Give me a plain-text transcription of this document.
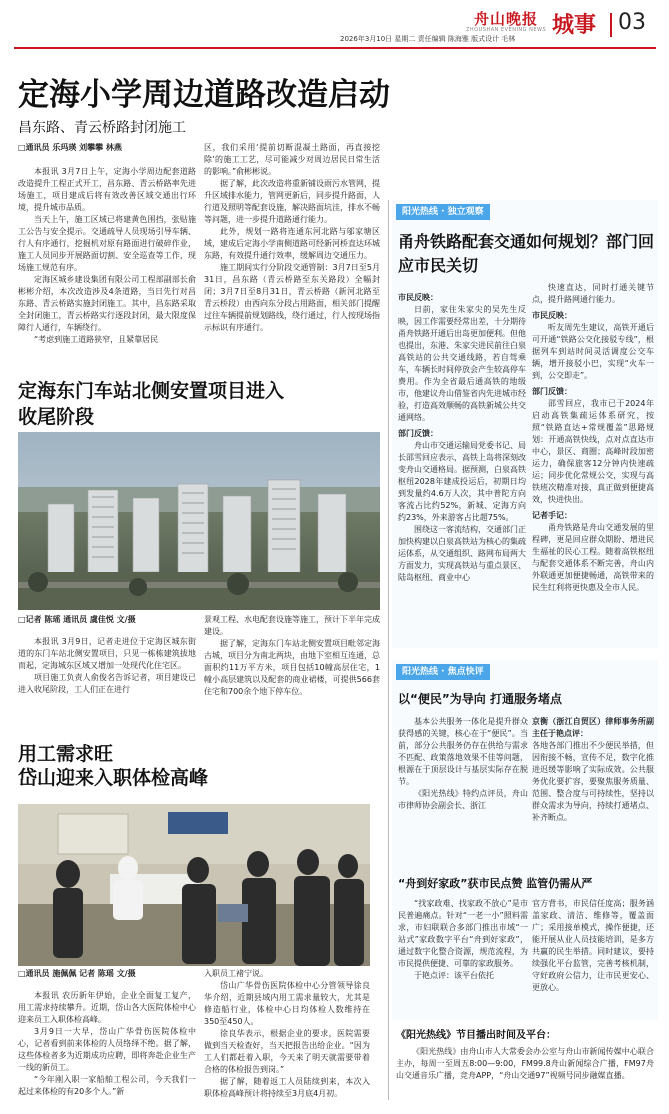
舟山晚报
ZHOUSHAN EVENING NEWS 城事 03
2026年3月10日 星期二 责任编辑 陈海雅 版式设计 毛林
定海小学周边道路改造启动
昌东路、青云桥路封闭施工
□通讯员 乐玛瑛 刘攀攀 林燕

本报讯 3月7日上午，定海小学周边配套道路改造提升工程正式开工，昌东路、青云桥路率先进场施工，项目建成后将有效改善区域交通出行环境，提升城市品质。

当天上午，施工区域已将建黄色围挡，张贴施工公告与安全提示。交通疏导人员现场引导车辆、行人有序通行，挖掘机对原有路面进行破碎作业，施工人员同步开展路面切割、安全巡查等工作，现场施工规范有序。

定海区城乡建设集团有限公司工程部副部长俞彬彬介绍，本次改造涉及4条道路，当日先行对昌东路、青云桥路实施封闭施工。其中，昌东路采取全封闭施工，青云桥路实行逐段封闭，最大限度保障行人通行，车辆绕行。

“考虑到施工道路狭窄，且紧靠居民

区，我们采用‘提前切断混凝土路面，再直接挖除’的施工工艺，尽可能减少对周边居民日常生活的影响。”俞彬彬说。

据了解，此次改造将重新铺设雨污水管网，提升区域排水能力，管网更新后，同步提升路面，人行道及照明等配套设施，解决路面坑洼，排水不畅等问题，进一步提升道路通行能力。

此外，规划一路将连通东河北路与邬家塘区域，建成后定海小学南侧道路可经新河桥直达环城东路，有效提升通行效率，缓解周边交通压力。

施工期间实行分阶段交通管制：3月7日至5月31日，昌东路（青云桥路至东关路段）全幅封闭；3月7日至8月31日，青云桥路（新河北路至青云桥段）由西向东分段占用路面，相关部门提醒过往车辆提前规划路线，绕行通过，行人按现场指示标识有序通行。

定海东门车站北侧安置项目进入收尾阶段
□记者 陈瑶 通讯员 虞佳悦 文/摄

本报讯 3月9日，记者走进位于定海区城东街道的东门车站北侧安置项目，只见一栋栋建筑拔地而起，定海城东区域又增加一处现代化住宅区。

项目施工负责人俞俊名告诉记者，项目建设已进入收尾阶段，工人们正在进行

景观工程、水电配套设施等施工，预计下半年完成建设。

据了解，定海东门车站北侧安置项目毗邻定海古城，项目分为南北两块，由地下室相互连通，总面积约11万平方米，项目包括10幢高层住宅，1幢小高层建筑以及配套的商业裙楼，可提供566套住宅和700余个地下停车位。

用工需求旺
岱山迎来入职体检高峰
□通讯员 施佩佩 记者 陈瑶 文/摄

本报讯 农历新年伊始，企业全面复工复产，用工需求持续攀升。近期，岱山各大医院体检中心迎来员工入职体检高峰。

3月9日一大早，岱山广华骨伤医院体检中心，记者看到前来体检的人员络绎不绝。据了解，这些体检者多为近期成功应聘，即将奔赴企业生产一线的新员工。

“今年刚入职一家船舶工程公司，今天我们一起过来体检的有20多个人。”新

入职员工褚宁说。

岱山广华骨伤医院体检中心分管领导徐良华介绍，近期县域内用工需求量较大，尤其是修造船行业，体检中心日均体检人数维持在350至450人。

徐良华表示，根据企业的要求，医院需要做到当天检查好，当天把报告出给企业。“因为工人们都赶着入职，今天来了明天就需要带着合格的体检报告到岗。”

据了解，随着返工人员陆续到来，本次入职体检高峰预计将持续至3月底4月初。

阳光热线 · 独立观察
甬舟铁路配套交通如何规划？部门回应市民关切

市民反映：

日前，家住朱家尖的吴先生反映，因工作需要经常出差，十分期待甬舟铁路开通后出岛更加便利。但他也提出，东港、朱家尖进民前往白泉高铁站的公共交通线路，若自驾乘车，车辆长时间停放会产生较高停车费用。作为全省最后通高铁的地级市，他建议舟山借鉴省内先进城市经验，打造高效顺畅的高铁新城公共交通网络。

部门反馈：

舟山市交通运输局党委书记、局长邵雪回应表示，高铁上岛将深刻改变舟山交通格局。据预测，白泉高铁枢纽2028年建成投运后，初期日均到发量约4.6万人次，其中普陀方向客流占比约52%，新城、定海方向约23%，外来游客占比超75%。

围绕这一客流结构，交通部门正加快构建以白泉高铁站为核心的集疏运体系，从交通组织、路网布局两大方面发力，实现高铁站与重点景区、陆岛枢纽、商业中心

快速直达，同时打通关键节点，提升路网通行能力。

市民反映：

听友周先生建议，高铁开通后可开通“铁路公交化接驳专线”，根据列车到站时间灵活调度公交车辆，增开接驳小巴，实现“火车一到，公交即走”。

部门反馈：

邵雪回应，我市已于2024年启动高铁集疏运体系研究，按照“铁路直达+常规覆盖”思路规划：开通高铁快线，点对点直达市中心，景区、商圈；高峰时段加密运力，确保旅客12分钟内快速疏运；同步优化常规公交，实现与高铁班次精准对接，真正做到便捷高效，快进快出。

记者手记：

甬舟铁路是舟山交通发展的里程碑，更是回应群众期盼、增进民生福祉的民心工程。随着高铁枢纽与配套交通体系不断完善，舟山内外联通更加便捷畅通，高铁带来的民生红利将更快惠及全市人民。

阳光热线 · 焦点快评
以“便民”为导向 打通服务堵点

基本公共服务一体化是提升群众获得感的关键，核心在于“便民”。当前，部分公共服务仍存在供给与需求不匹配、政策落地效果不佳等问题，根源在于顶层设计与基层实际存在脱节。

《阳光热线》特约点评员，舟山市律师协会副会长、浙江

京衡（浙江自贸区）律师事务所副主任于艳点评：

各地各部门推出不少便民举措，但因衔接不畅，宣传不足，数字化推进迟缓等影响了实际成效。公共服务优化要扩容，要聚焦服务质量、范围、整合度与可持续性，坚持以群众需求为导向，持续打通堵点、补齐断点。

“舟到好家政”获市民点赞 监管仍需从严

“找家政难、找家政不放心”是市民普遍痛点。针对“一老一小”照料需求，市妇联联合多部门推出市域“一站式”家政数字平台“舟到好家政”，通过数字化整合资源，规范流程，为市民提供便捷、可靠的家政服务。

于艳点评：该平台依托

官方背书，市民信任度高；服务涵盖家政、清洁、维修等，覆盖面广；采用接单模式，操作便捷，还能开展从业人员技能培训，是多方共赢的民生举措。同时建议，要持续强化平台监管，完善考核机制，守好政府公信力，让市民更安心、更放心。

《阳光热线》节目播出时间及平台：

《阳光热线》由舟山市人大常委会办公室与舟山市新闻传媒中心联合主办，每周一至周五8:00—9:00，FM99.8舟山新闻综合广播，FM97舟山交通音乐广播，竞舟APP，“舟山交通97”视频号同步融媒直播。
